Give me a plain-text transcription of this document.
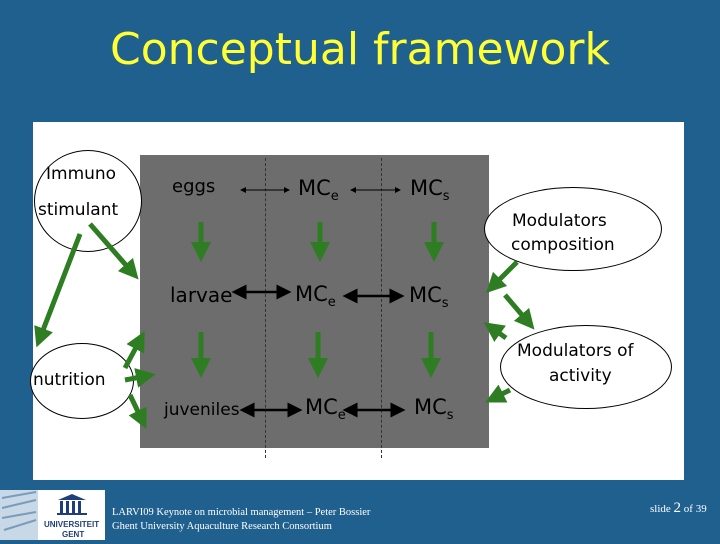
Conceptual framework
Immuno
stimulant
Modulators
composition
nutrition
Modulators of
activity
eggs	$MC_e$	$MC_s$
larvae	$MC_e$	$MC_s$
juveniles	$MC_e$	$MC_s$
UNIVERSITEIT
GENT
LARVI09 Keynote on microbial management – Peter Bossier
Ghent University Aquaculture Research Consortium
slide 2 of 39
